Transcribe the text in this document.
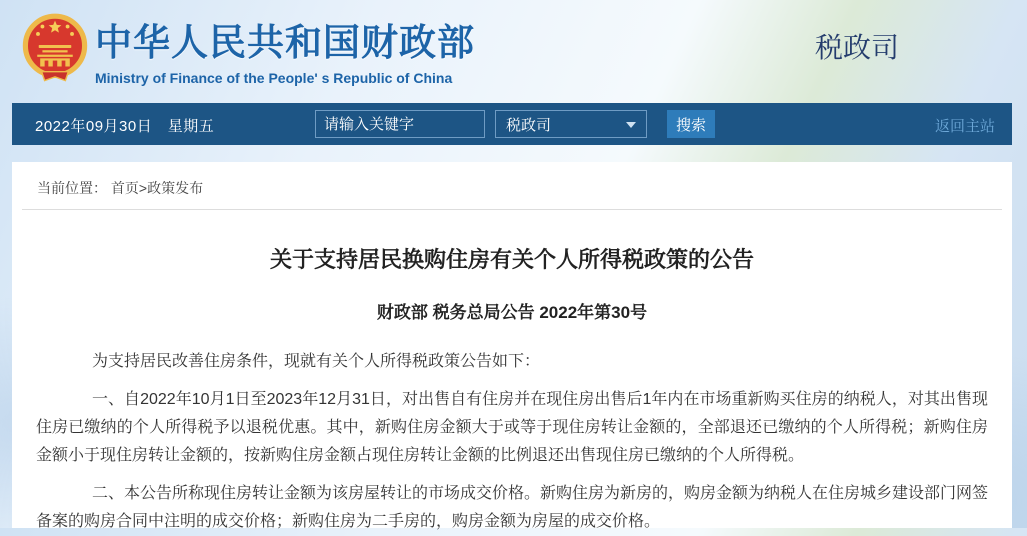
中华人民共和国财政部
Ministry of Finance of the People' s Republic of China
税政司
2022年09月30日　星期五
请输入关键字	税政司	搜索	返回主站
当前位置： 首页>政策发布
关于支持居民换购住房有关个人所得税政策的公告
财政部 税务总局公告 2022年第30号

为支持居民改善住房条件，现就有关个人所得税政策公告如下：

一、自2022年10月1日至2023年12月31日，对出售自有住房并在现住房出售后1年内在市场重新购买住房的纳税人，对其出售现住房已缴纳的个人所得税予以退税优惠。其中，新购住房金额大于或等于现住房转让金额的，全部退还已缴纳的个人所得税；新购住房金额小于现住房转让金额的，按新购住房金额占现住房转让金额的比例退还出售现住房已缴纳的个人所得税。

二、本公告所称现住房转让金额为该房屋转让的市场成交价格。新购住房为新房的，购房金额为纳税人在住房城乡建设部门网签备案的购房合同中注明的成交价格；新购住房为二手房的，购房金额为房屋的成交价格。
